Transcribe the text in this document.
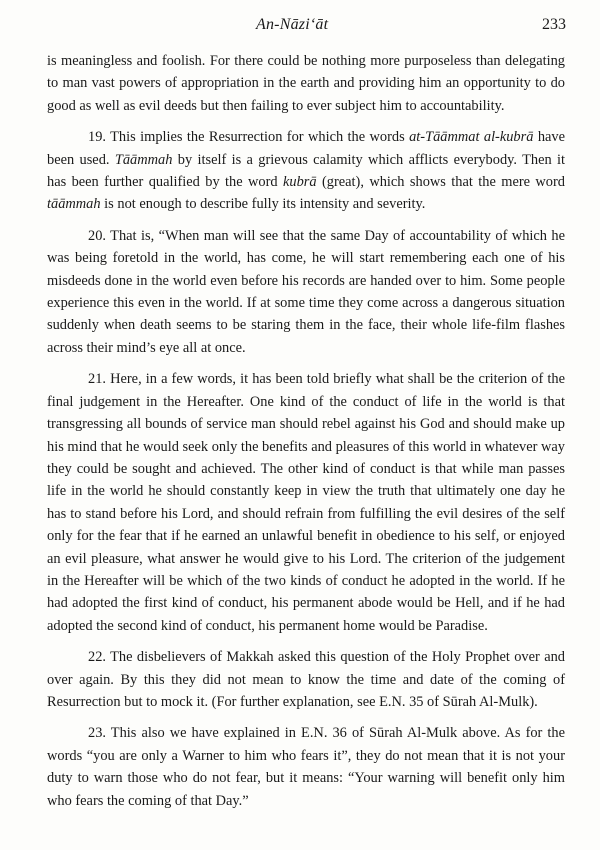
An-Nāzi‘āt	233

is meaningless and foolish. For there could be nothing more purposeless than delegating to man vast powers of appropriation in the earth and providing him an opportunity to do good as well as evil deeds but then failing to ever subject him to accountability.

19. This implies the Resurrection for which the words at-Tāāmmat al-kubrā have been used. Tāāmmah by itself is a grievous calamity which afflicts everybody. Then it has been further qualified by the word kubrā (great), which shows that the mere word tāāmmah is not enough to describe fully its intensity and severity.

20. That is, “When man will see that the same Day of accountability of which he was being foretold in the world, has come, he will start remembering each one of his misdeeds done in the world even before his records are handed over to him. Some people experience this even in the world. If at some time they come across a dangerous situation suddenly when death seems to be staring them in the face, their whole life-film flashes across their mind’s eye all at once.

21. Here, in a few words, it has been told briefly what shall be the criterion of the final judgement in the Hereafter. One kind of the conduct of life in the world is that transgressing all bounds of service man should rebel against his God and should make up his mind that he would seek only the benefits and pleasures of this world in whatever way they could be sought and achieved. The other kind of conduct is that while man passes life in the world he should constantly keep in view the truth that ultimately one day he has to stand before his Lord, and should refrain from fulfilling the evil desires of the self only for the fear that if he earned an unlawful benefit in obedience to his self, or enjoyed an evil pleasure, what answer he would give to his Lord. The criterion of the judgement in the Hereafter will be which of the two kinds of conduct he adopted in the world. If he had adopted the first kind of conduct, his permanent abode would be Hell, and if he had adopted the second kind of conduct, his permanent home would be Paradise.

22. The disbelievers of Makkah asked this question of the Holy Prophet over and over again. By this they did not mean to know the time and date of the coming of Resurrection but to mock it. (For further explanation, see E.N. 35 of Sūrah Al-Mulk).

23. This also we have explained in E.N. 36 of Sūrah Al-Mulk above. As for the words “you are only a Warner to him who fears it”, they do not mean that it is not your duty to warn those who do not fear, but it means: “Your warning will benefit only him who fears the coming of that Day.”
